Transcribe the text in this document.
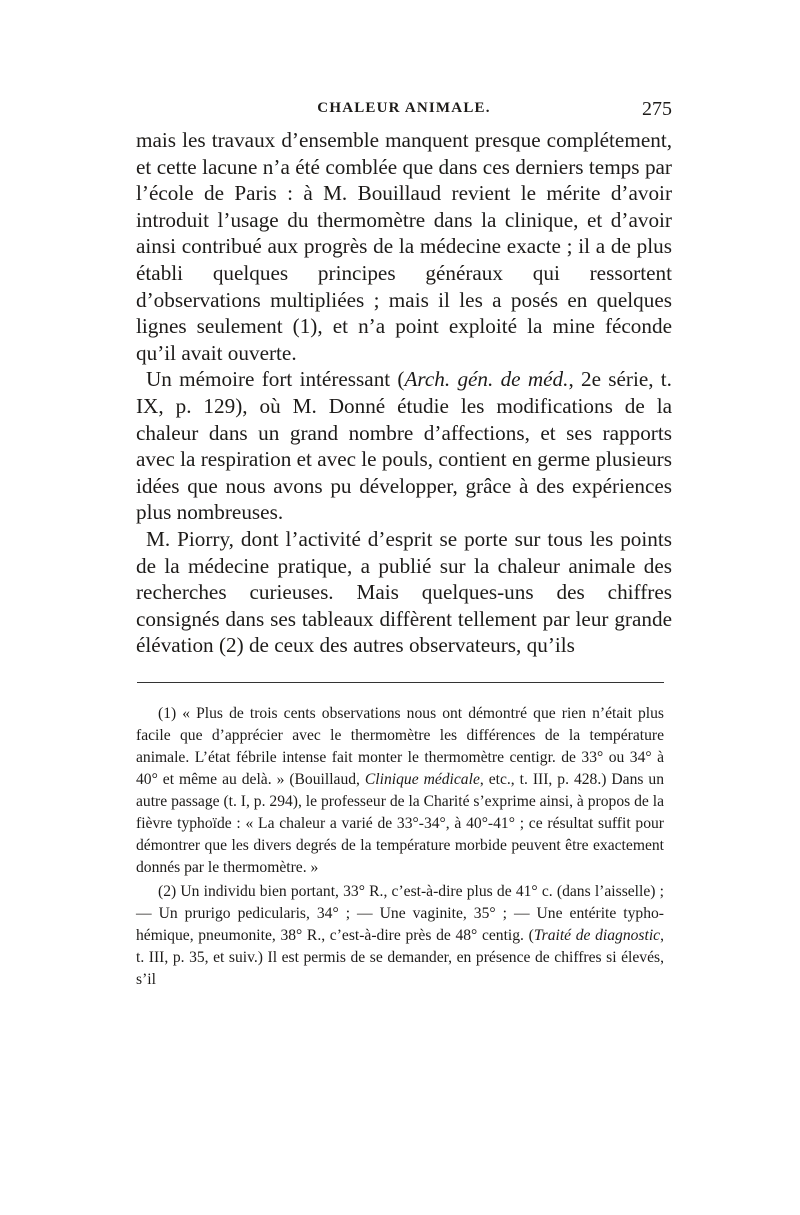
CHALEUR ANIMALE.	275

mais les travaux d’ensemble manquent presque complétement, et cette lacune n’a été comblée que dans ces derniers temps par l’école de Paris : à M. Bouillaud revient le mérite d’avoir introduit l’usage du thermomètre dans la clinique, et d’avoir ainsi contribué aux progrès de la médecine exacte ; il a de plus établi quelques principes généraux qui ressortent d’observations multipliées ; mais il les a posés en quelques lignes seulement (1), et n’a point exploité la mine féconde qu’il avait ouverte.

Un mémoire fort intéressant (Arch. gén. de méd., 2e série, t. IX, p. 129), où M. Donné étudie les modifications de la chaleur dans un grand nombre d’affections, et ses rapports avec la respiration et avec le pouls, contient en germe plusieurs idées que nous avons pu développer, grâce à des expériences plus nombreuses.

M. Piorry, dont l’activité d’esprit se porte sur tous les points de la médecine pratique, a publié sur la chaleur animale des recherches curieuses. Mais quelques-uns des chiffres consignés dans ses tableaux diffèrent tellement par leur grande élévation (2) de ceux des autres observateurs, qu’ils

(1) « Plus de trois cents observations nous ont démontré que rien n’était plus facile que d’apprécier avec le thermomètre les différences de la température animale. L’état fébrile intense fait monter le thermomètre centigr. de 33° ou 34° à 40° et même au delà. » (Bouillaud, Clinique médicale, etc., t. III, p. 428.) Dans un autre passage (t. I, p. 294), le professeur de la Charité s’exprime ainsi, à propos de la fièvre typhoïde : « La chaleur a varié de 33°-34°, à 40°-41° ; ce résultat suffit pour démontrer que les divers degrés de la température morbide peuvent être exactement donnés par le thermomètre. »

(2) Un individu bien portant, 33° R., c’est-à-dire plus de 41° c. (dans l’aisselle) ; — Un prurigo pedicularis, 34° ; — Une vaginite, 35° ; — Une entérite typho-hémique, pneumonite, 38° R., c’est-à-dire près de 48° centig. (Traité de diagnostic, t. III, p. 35, et suiv.) Il est permis de se demander, en présence de chiffres si élevés, s’il
